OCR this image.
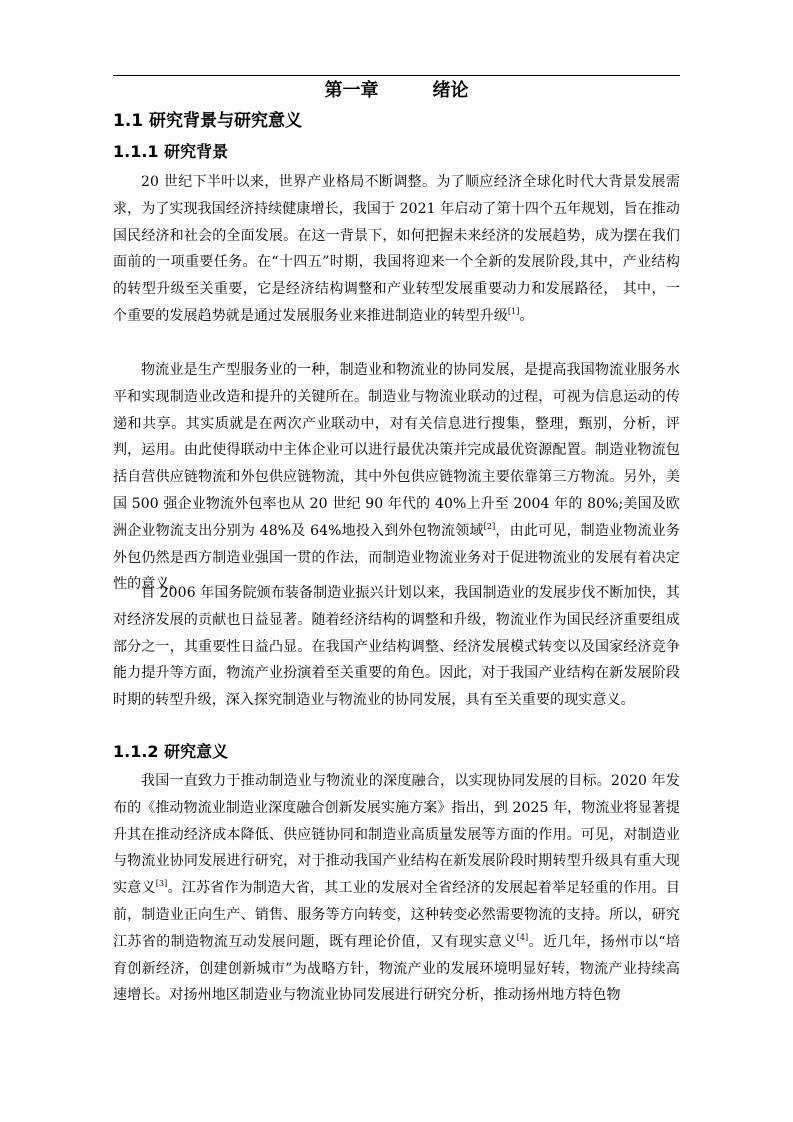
第一章	绪论
1.1 研究背景与研究意义
1.1.1 研究背景
20 世纪下半叶以来，世界产业格局不断调整。为了顺应经济全球化时代大背景发展需求，为了实现我国经济持续健康增长，我国于 2021 年启动了第十四个五年规划，旨在推动国民经济和社会的全面发展。在这一背景下，如何把握未来经济的发展趋势，成为摆在我们面前的一项重要任务。在“十四五”时期，我国将迎来一个全新的发展阶段,其中，产业结构的转型升级至关重要，它是经济结构调整和产业转型发展重要动力和发展路径， 其中，一个重要的发展趋势就是通过发展服务业来推进制造业的转型升级[1]。
物流业是生产型服务业的一种，制造业和物流业的协同发展，是提高我国物流业服务水平和实现制造业改造和提升的关键所在。制造业与物流业联动的过程，可视为信息运动的传递和共享。其实质就是在两次产业联动中，对有关信息进行搜集，整理，甄别，分析，评判，运用。由此使得联动中主体企业可以进行最优决策并完成最优资源配置。制造业物流包括自营供应链物流和外包供应链物流，其中外包供应链物流主要依靠第三方物流。另外，美国 500 强企业物流外包率也从 20 世纪 90 年代的 40%上升至 2004 年的 80%;美国及欧洲企业物流支出分别为 48%及 64%地投入到外包物流领域[2]，由此可见，制造业物流业务外包仍然是西方制造业强国一贯的作法，而制造业物流业务对于促进物流业的发展有着决定性的意义。
自 2006 年国务院颁布装备制造业振兴计划以来，我国制造业的发展步伐不断加快，其对经济发展的贡献也日益显著。随着经济结构的调整和升级，物流业作为国民经济重要组成部分之一，其重要性日益凸显。在我国产业结构调整、经济发展模式转变以及国家经济竞争能力提升等方面，物流产业扮演着至关重要的角色。因此，对于我国产业结构在新发展阶段时期的转型升级，深入探究制造业与物流业的协同发展，具有至关重要的现实意义。
1.1.2 研究意义
我国一直致力于推动制造业与物流业的深度融合，以实现协同发展的目标。2020 年发布的《推动物流业制造业深度融合创新发展实施方案》指出，到 2025 年，物流业将显著提升其在推动经济成本降低、供应链协同和制造业高质量发展等方面的作用。可见，对制造业与物流业协同发展进行研究，对于推动我国产业结构在新发展阶段时期转型升级具有重大现实意义[3]。江苏省作为制造大省，其工业的发展对全省经济的发展起着举足轻重的作用。目前，制造业正向生产、销售、服务等方向转变，这种转变必然需要物流的支持。所以，研究江苏省的制造物流互动发展问题，既有理论价值，又有现实意义[4]。近几年，扬州市以“培育创新经济，创建创新城市”为战略方针，物流产业的发展环境明显好转，物流产业持续高速增长。对扬州地区制造业与物流业协同发展进行研究分析，推动扬州地方特色物
